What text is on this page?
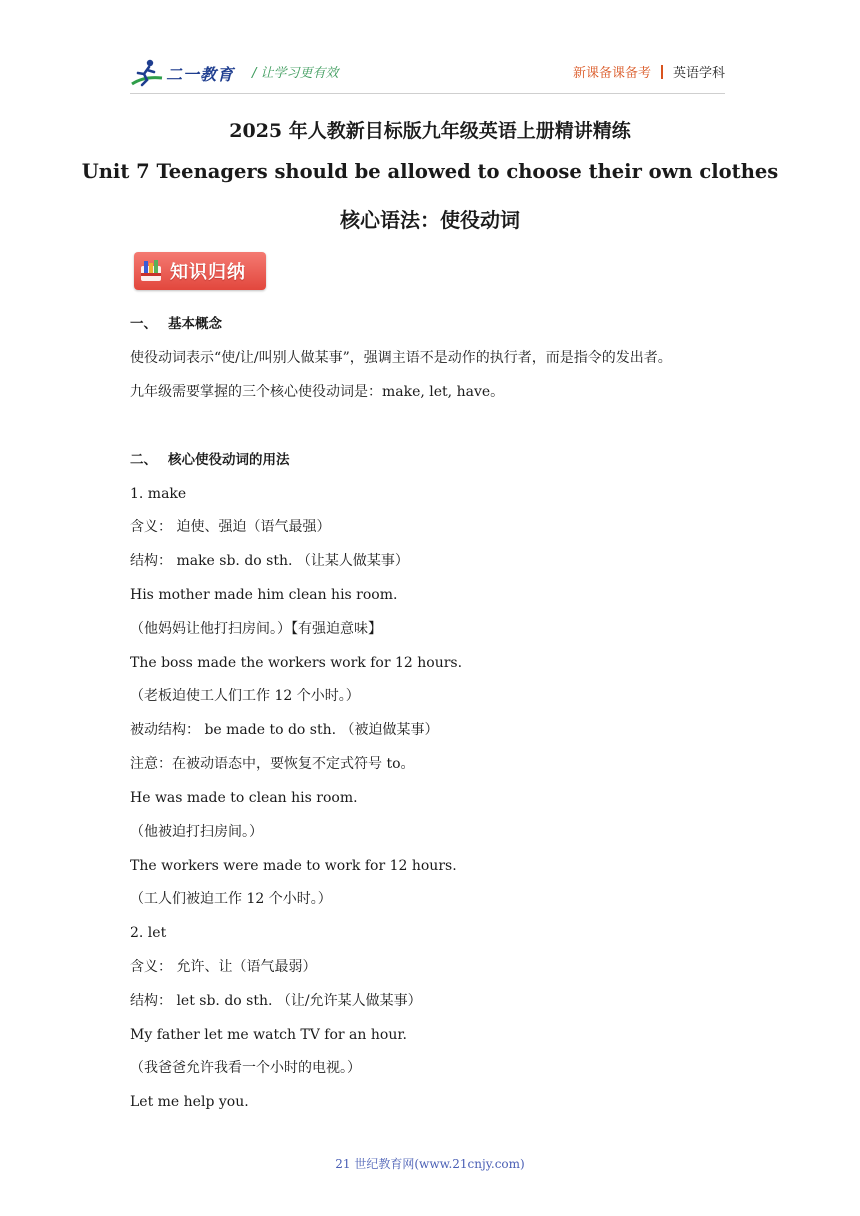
二一教育 / 让学习更有效	新课备课备考 英语学科
2025 年人教新目标版九年级英语上册精讲精练
Unit 7 Teenagers should be allowed to choose their own clothes
核心语法：使役动词
知识归纳
一、 基本概念
使役动词表示“使/让/叫别人做某事”，强调主语不是动作的执行者，而是指令的发出者。
九年级需要掌握的三个核心使役动词是：make, let, have。
二、 核心使役动词的用法
1. make
含义： 迫使、强迫（语气最强）
结构： make sb. do sth. （让某人做某事）
His mother made him clean his room.
（他妈妈让他打扫房间。）【有强迫意味】
The boss made the workers work for 12 hours.
（老板迫使工人们工作 12 个小时。）
被动结构： be made to do sth. （被迫做某事）
注意：在被动语态中，要恢复不定式符号 to。
He was made to clean his room.
（他被迫打扫房间。）
The workers were made to work for 12 hours.
（工人们被迫工作 12 个小时。）
2. let
含义： 允许、让（语气最弱）
结构： let sb. do sth. （让/允许某人做某事）
My father let me watch TV for an hour.
（我爸爸允许我看一个小时的电视。）
Let me help you.
21 世纪教育网(www.21cnjy.com)
